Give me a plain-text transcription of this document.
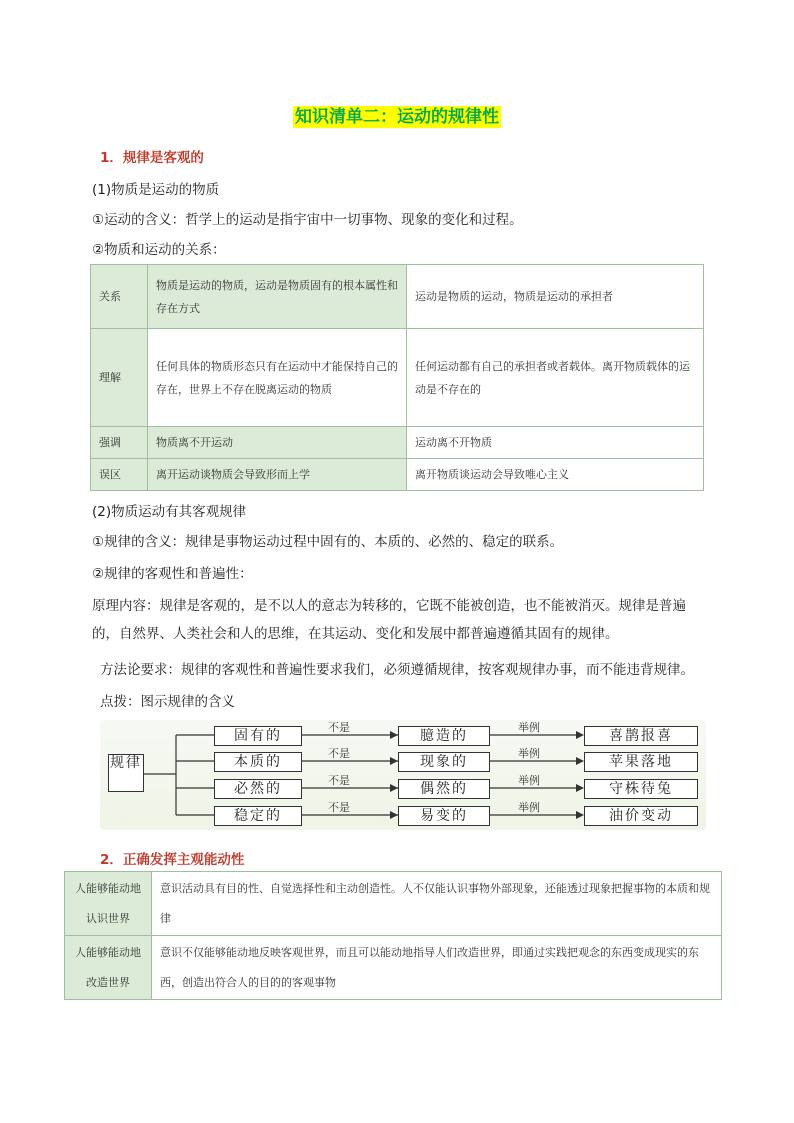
知识清单二：运动的规律性
1．规律是客观的
(1)物质是运动的物质
①运动的含义：哲学上的运动是指宇宙中一切事物、现象的变化和过程。
②物质和运动的关系：
关系	物质是运动的物质，运动是物质固有的根本属性和存在方式	运动是物质的运动，物质是运动的承担者
理解	任何具体的物质形态只有在运动中才能保持自己的存在，世界上不存在脱离运动的物质	任何运动都有自己的承担者或者载体。离开物质载体的运动是不存在的
强调	物质离不开运动	运动离不开物质
误区	离开运动谈物质会导致形而上学	离开物质谈运动会导致唯心主义
(2)物质运动有其客观规律
①规律的含义：规律是事物运动过程中固有的、本质的、必然的、稳定的联系。
②规律的客观性和普遍性：
原理内容：规律是客观的，是不以人的意志为转移的，它既不能被创造，也不能被消灭。规律是普遍的，自然界、人类社会和人的思维，在其运动、变化和发展中都普遍遵循其固有的规律。
方法论要求：规律的客观性和普遍性要求我们，必须遵循规律，按客观规律办事，而不能违背规律。
点拨：图示规律的含义
规律
固有的
不是
臆造的
举例
喜鹊报喜
本质的
不是
现象的
举例
苹果落地
必然的
不是
偶然的
举例
守株待兔
稳定的
不是
易变的
举例
油价变动
2．正确发挥主观能动性
人能够能动地认识世界	意识活动具有目的性、自觉选择性和主动创造性。人不仅能认识事物外部现象，还能透过现象把握事物的本质和规律
人能够能动地改造世界	意识不仅能够能动地反映客观世界，而且可以能动地指导人们改造世界，即通过实践把观念的东西变成现实的东西，创造出符合人的目的的客观事物
